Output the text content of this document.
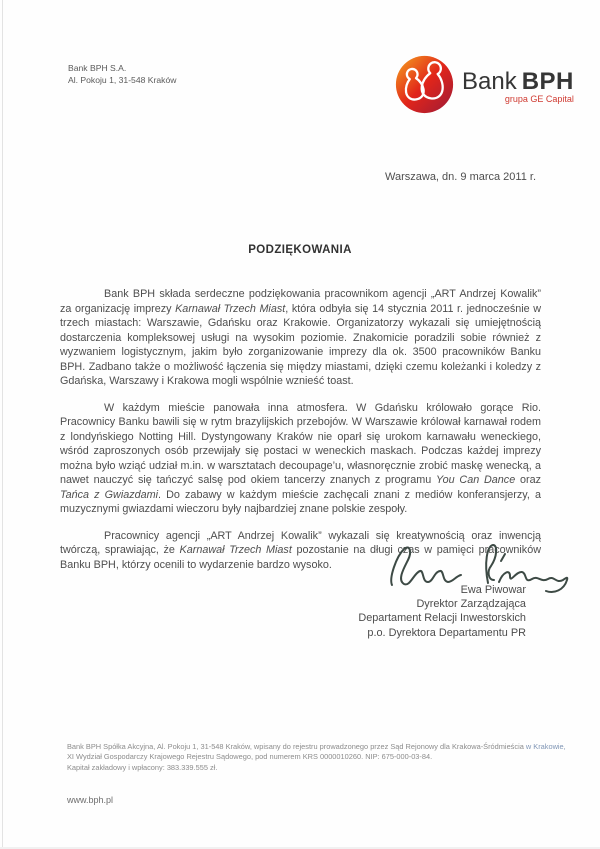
Bank BPH S.A.
Al. Pokoju 1, 31-548 Kraków	Bank BPH
grupa GE Capital
Warszawa, dn. 9 marca 2011 r.
PODZIĘKOWANIA

Bank BPH składa serdeczne podziękowania pracownikom agencji „ART Andrzej Kowalik” za organizację imprezy Karnawał Trzech Miast, która odbyła się 14 stycznia 2011 r. jednocześnie w trzech miastach: Warszawie, Gdańsku oraz Krakowie. Organizatorzy wykazali się umiejętnością dostarczenia kompleksowej usługi na wysokim poziomie. Znakomicie poradzili sobie również z wyzwaniem logistycznym, jakim było zorganizowanie imprezy dla ok. 3500 pracowników Banku BPH. Zadbano także o możliwość łączenia się między miastami, dzięki czemu koleżanki i koledzy z Gdańska, Warszawy i Krakowa mogli wspólnie wznieść toast.

W każdym mieście panowała inna atmosfera. W Gdańsku królowało gorące Rio. Pracownicy Banku bawili się w rytm brazylijskich przebojów. W Warszawie królował karnawał rodem z londyńskiego Notting Hill. Dystyngowany Kraków nie oparł się urokom karnawału weneckiego, wśród zaproszonych osób przewijały się postaci w weneckich maskach. Podczas każdej imprezy można było wziąć udział m.in. w warsztatach decoupage’u, własnoręcznie zrobić maskę wenecką, a nawet nauczyć się tańczyć salsę pod okiem tancerzy znanych z programu You Can Dance oraz Tańca z Gwiazdami. Do zabawy w każdym mieście zachęcali znani z mediów konferansjerzy, a muzycznymi gwiazdami wieczoru były najbardziej znane polskie zespoły.

Pracownicy agencji „ART Andrzej Kowalik” wykazali się kreatywnością oraz inwencją twórczą, sprawiając, że Karnawał Trzech Miast pozostanie na długi czas w pamięci pracowników Banku BPH, którzy ocenili to wydarzenie bardzo wysoko.

Ewa Piwowar
Dyrektor Zarządzająca
Departament Relacji Inwestorskich
p.o. Dyrektora Departamentu PR
Bank BPH Spółka Akcyjna, Al. Pokoju 1, 31-548 Kraków, wpisany do rejestru prowadzonego przez Sąd Rejonowy dla Krakowa-Śródmieścia w Krakowie,
XI Wydział Gospodarczy Krajowego Rejestru Sądowego, pod numerem KRS 0000010260. NIP: 675-000-03-84.
Kapitał zakładowy i wpłacony: 383.339.555 zł.
www.bph.pl
